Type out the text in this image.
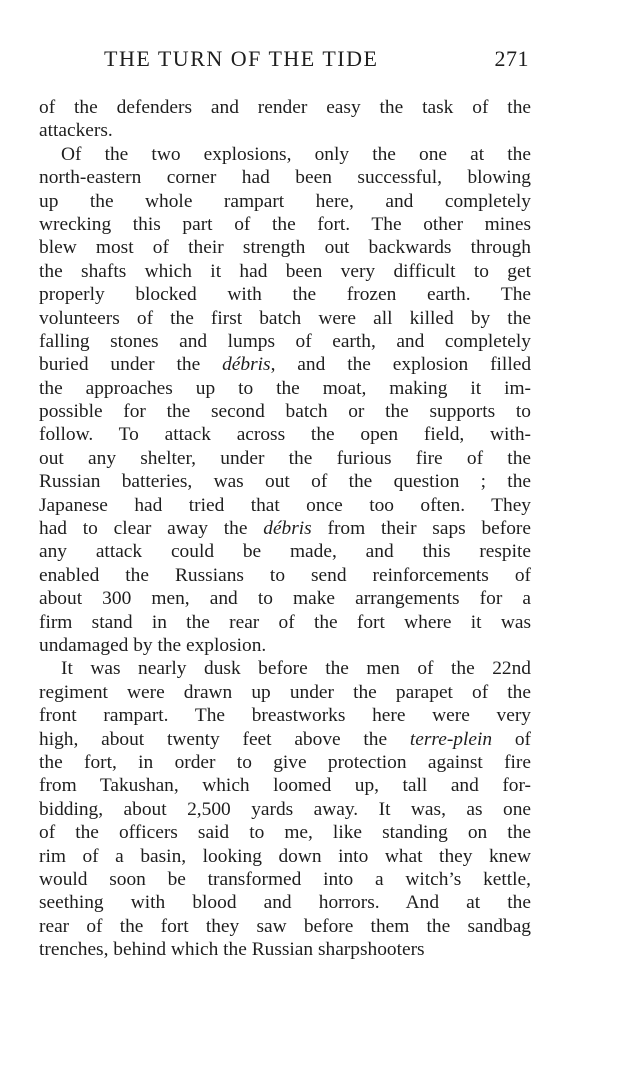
THE TURN OF THE TIDE	271
of the defenders and render easy the task of the
attackers.
Of the two explosions, only the one at the
north-eastern corner had been successful, blowing
up the whole rampart here, and completely
wrecking this part of the fort. The other mines
blew most of their strength out backwards through
the shafts which it had been very difficult to get
properly blocked with the frozen earth. The
volunteers of the first batch were all killed by the
falling stones and lumps of earth, and completely
buried under the débris, and the explosion filled
the approaches up to the moat, making it im-
possible for the second batch or the supports to
follow. To attack across the open field, with-
out any shelter, under the furious fire of the
Russian batteries, was out of the question ; the
Japanese had tried that once too often. They
had to clear away the débris from their saps before
any attack could be made, and this respite
enabled the Russians to send reinforcements of
about 300 men, and to make arrangements for a
firm stand in the rear of the fort where it was
undamaged by the explosion.
It was nearly dusk before the men of the 22nd
regiment were drawn up under the parapet of the
front rampart. The breastworks here were very
high, about twenty feet above the terre-plein of
the fort, in order to give protection against fire
from Takushan, which loomed up, tall and for-
bidding, about 2,500 yards away. It was, as one
of the officers said to me, like standing on the
rim of a basin, looking down into what they knew
would soon be transformed into a witch’s kettle,
seething with blood and horrors. And at the
rear of the fort they saw before them the sandbag
trenches, behind which the Russian sharpshooters
